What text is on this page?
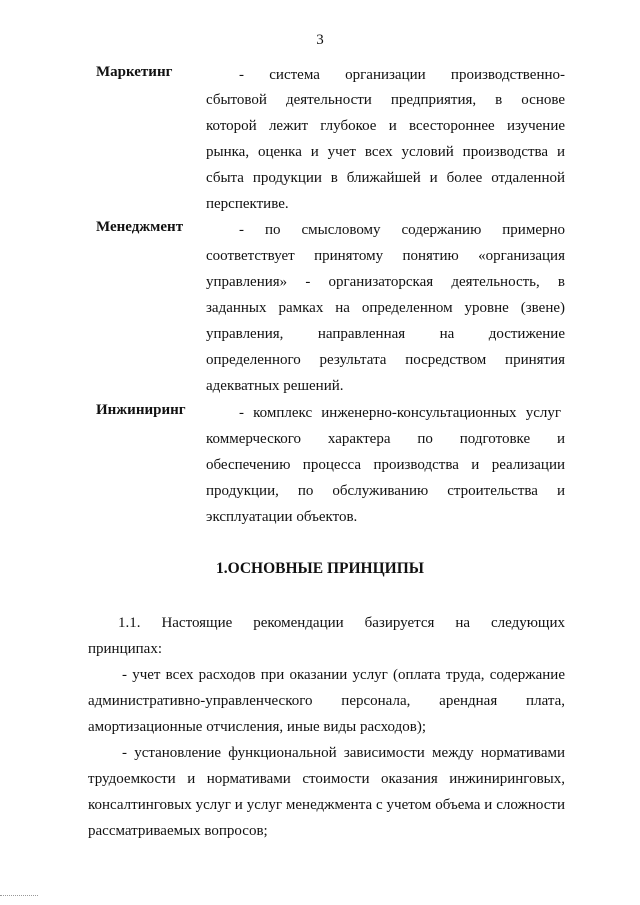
3
Маркетинг	- система организации производственно-
сбытовой деятельности предприятия, в основе
которой лежит глубокое и всестороннее изучение
рынка, оценка и учет всех условий производства и
сбыта продукции в ближайшей и более отдаленной
перспективе.
Менеджмент	- по смысловому содержанию примерно
соответствует принятому понятию «организация
управления» - организаторская деятельность, в
заданных рамках на определенном уровне (звене)
управления, направленная на достижение
определенного результата посредством принятия
адекватных решений.
Инжиниринг	- комплекс инженерно-консультационных услуг
коммерческого характера по подготовке и
обеспечению процесса производства и реализации
продукции, по обслуживанию строительства и
эксплуатации объектов.
1.ОСНОВНЫЕ ПРИНЦИПЫ
1.1. Настоящие рекомендации базируется на следующих
принципах:
- учет всех расходов при оказании услуг (оплата труда, содержание
административно-управленческого персонала, арендная плата,
амортизационные отчисления, иные виды расходов);
- установление функциональной зависимости между нормативами
трудоемкости и нормативами стоимости оказания инжиниринговых,
консалтинговых услуг и услуг менеджмента с учетом объема и сложности
рассматриваемых вопросов;
